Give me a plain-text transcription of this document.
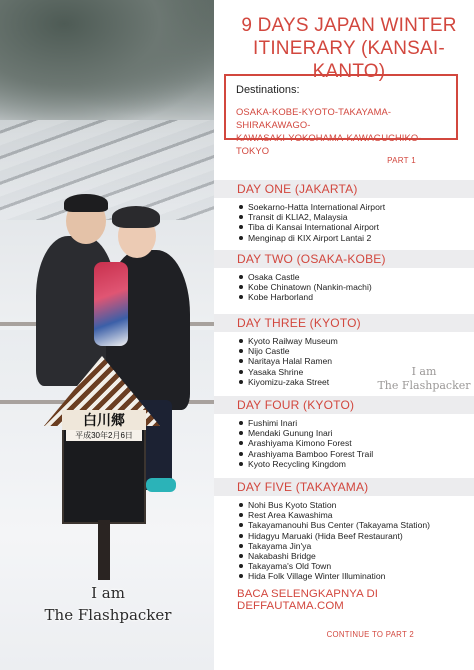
白川郷
平成30年2月6日
I am
The Flashpacker
9 DAYS JAPAN WINTER
ITINERARY (KANSAI-KANTO)
Destinations:
OSAKA-KOBE-KYOTO-TAKAYAMA-SHIRAKAWAGO-
KAWASAKI-YOKOHAMA-KAWAGUCHIKO-TOKYO
PART 1
DAY ONE (JAKARTA)
Soekarno-Hatta International Airport
Transit di KLIA2, Malaysia
Tiba di Kansai International Airport
Menginap di KIX Airport Lantai 2
DAY TWO (OSAKA-KOBE)
Osaka Castle
Kobe Chinatown (Nankin-machi)
Kobe Harborland
DAY THREE (KYOTO)
Kyoto Railway Museum
Nijo Castle
Naritaya Halal Ramen
Yasaka Shrine
Kiyomizu-zaka Street
DAY FOUR (KYOTO)
Fushimi Inari
Mendaki Gunung Inari
Arashiyama Kimono Forest
Arashiyama Bamboo Forest Trail
Kyoto Recycling Kingdom
DAY FIVE (TAKAYAMA)
Nohi Bus Kyoto Station
Rest Area Kawashima
Takayamanouhi Bus Center (Takayama Station)
Hidagyu Maruaki (Hida Beef Restaurant)
Takayama Jin'ya
Nakabashi Bridge
Takayama's Old Town
Hida Folk Village Winter Illumination
I am
The Flashpacker
BACA SELENGKAPNYA DI DEFFAUTAMA.COM
CONTINUE TO PART 2
